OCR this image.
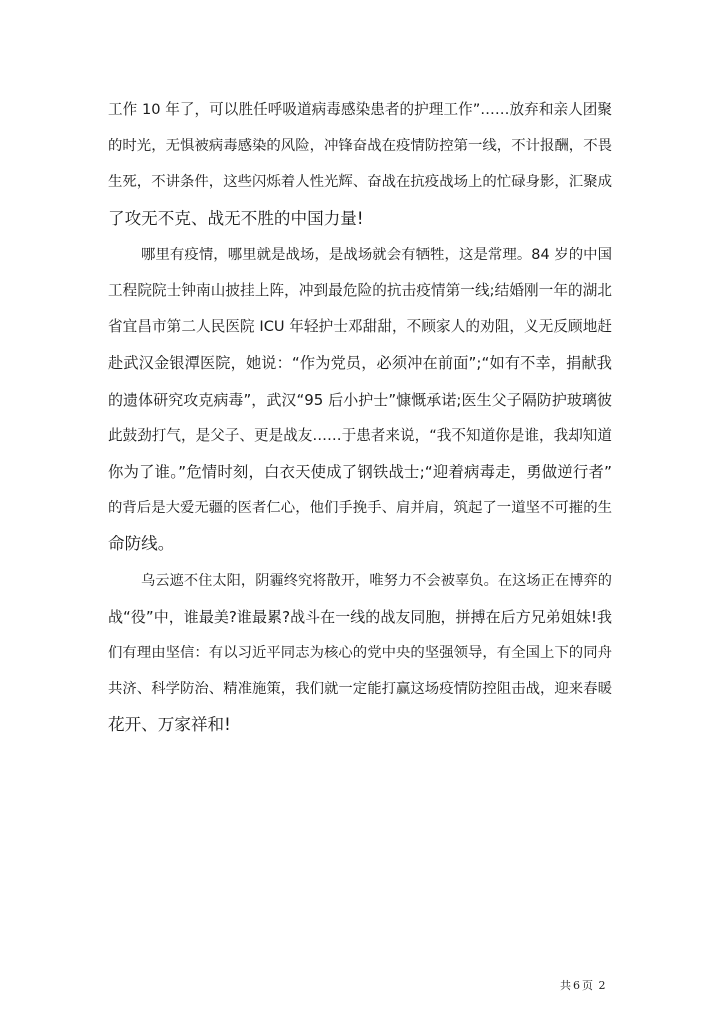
工作 10 年了，可以胜任呼吸道病毒感染患者的护理工作”……放弃和亲人团聚
的时光，无惧被病毒感染的风险，冲锋奋战在疫情防控第一线，不计报酬，不畏
生死，不讲条件，这些闪烁着人性光辉、奋战在抗疫战场上的忙碌身影，汇聚成
了攻无不克、战无不胜的中国力量!

哪里有疫情，哪里就是战场，是战场就会有牺牲，这是常理。84 岁的中国
工程院院士钟南山披挂上阵，冲到最危险的抗击疫情第一线;结婚刚一年的湖北
省宜昌市第二人民医院 ICU 年轻护士邓甜甜，不顾家人的劝阻，义无反顾地赶
赴武汉金银潭医院，她说：“作为党员，必须冲在前面”;“如有不幸，捐献我
的遗体研究攻克病毒”，武汉“95 后小护士”慷慨承诺;医生父子隔防护玻璃彼
此鼓劲打气，是父子、更是战友……于患者来说，“我不知道你是谁，我却知道
你为了谁。”危情时刻，白衣天使成了钢铁战士;“迎着病毒走，勇做逆行者”
的背后是大爱无疆的医者仁心，他们手挽手、肩并肩，筑起了一道坚不可摧的生
命防线。

乌云遮不住太阳，阴霾终究将散开，唯努力不会被辜负。在这场正在博弈的
战“役”中，谁最美?谁最累?战斗在一线的战友同胞，拼搏在后方兄弟姐妹!我
们有理由坚信：有以习近平同志为核心的党中央的坚强领导，有全国上下的同舟
共济、科学防治、精准施策，我们就一定能打赢这场疫情防控阻击战，迎来春暖
花开、万家祥和!

共 6 页 2
